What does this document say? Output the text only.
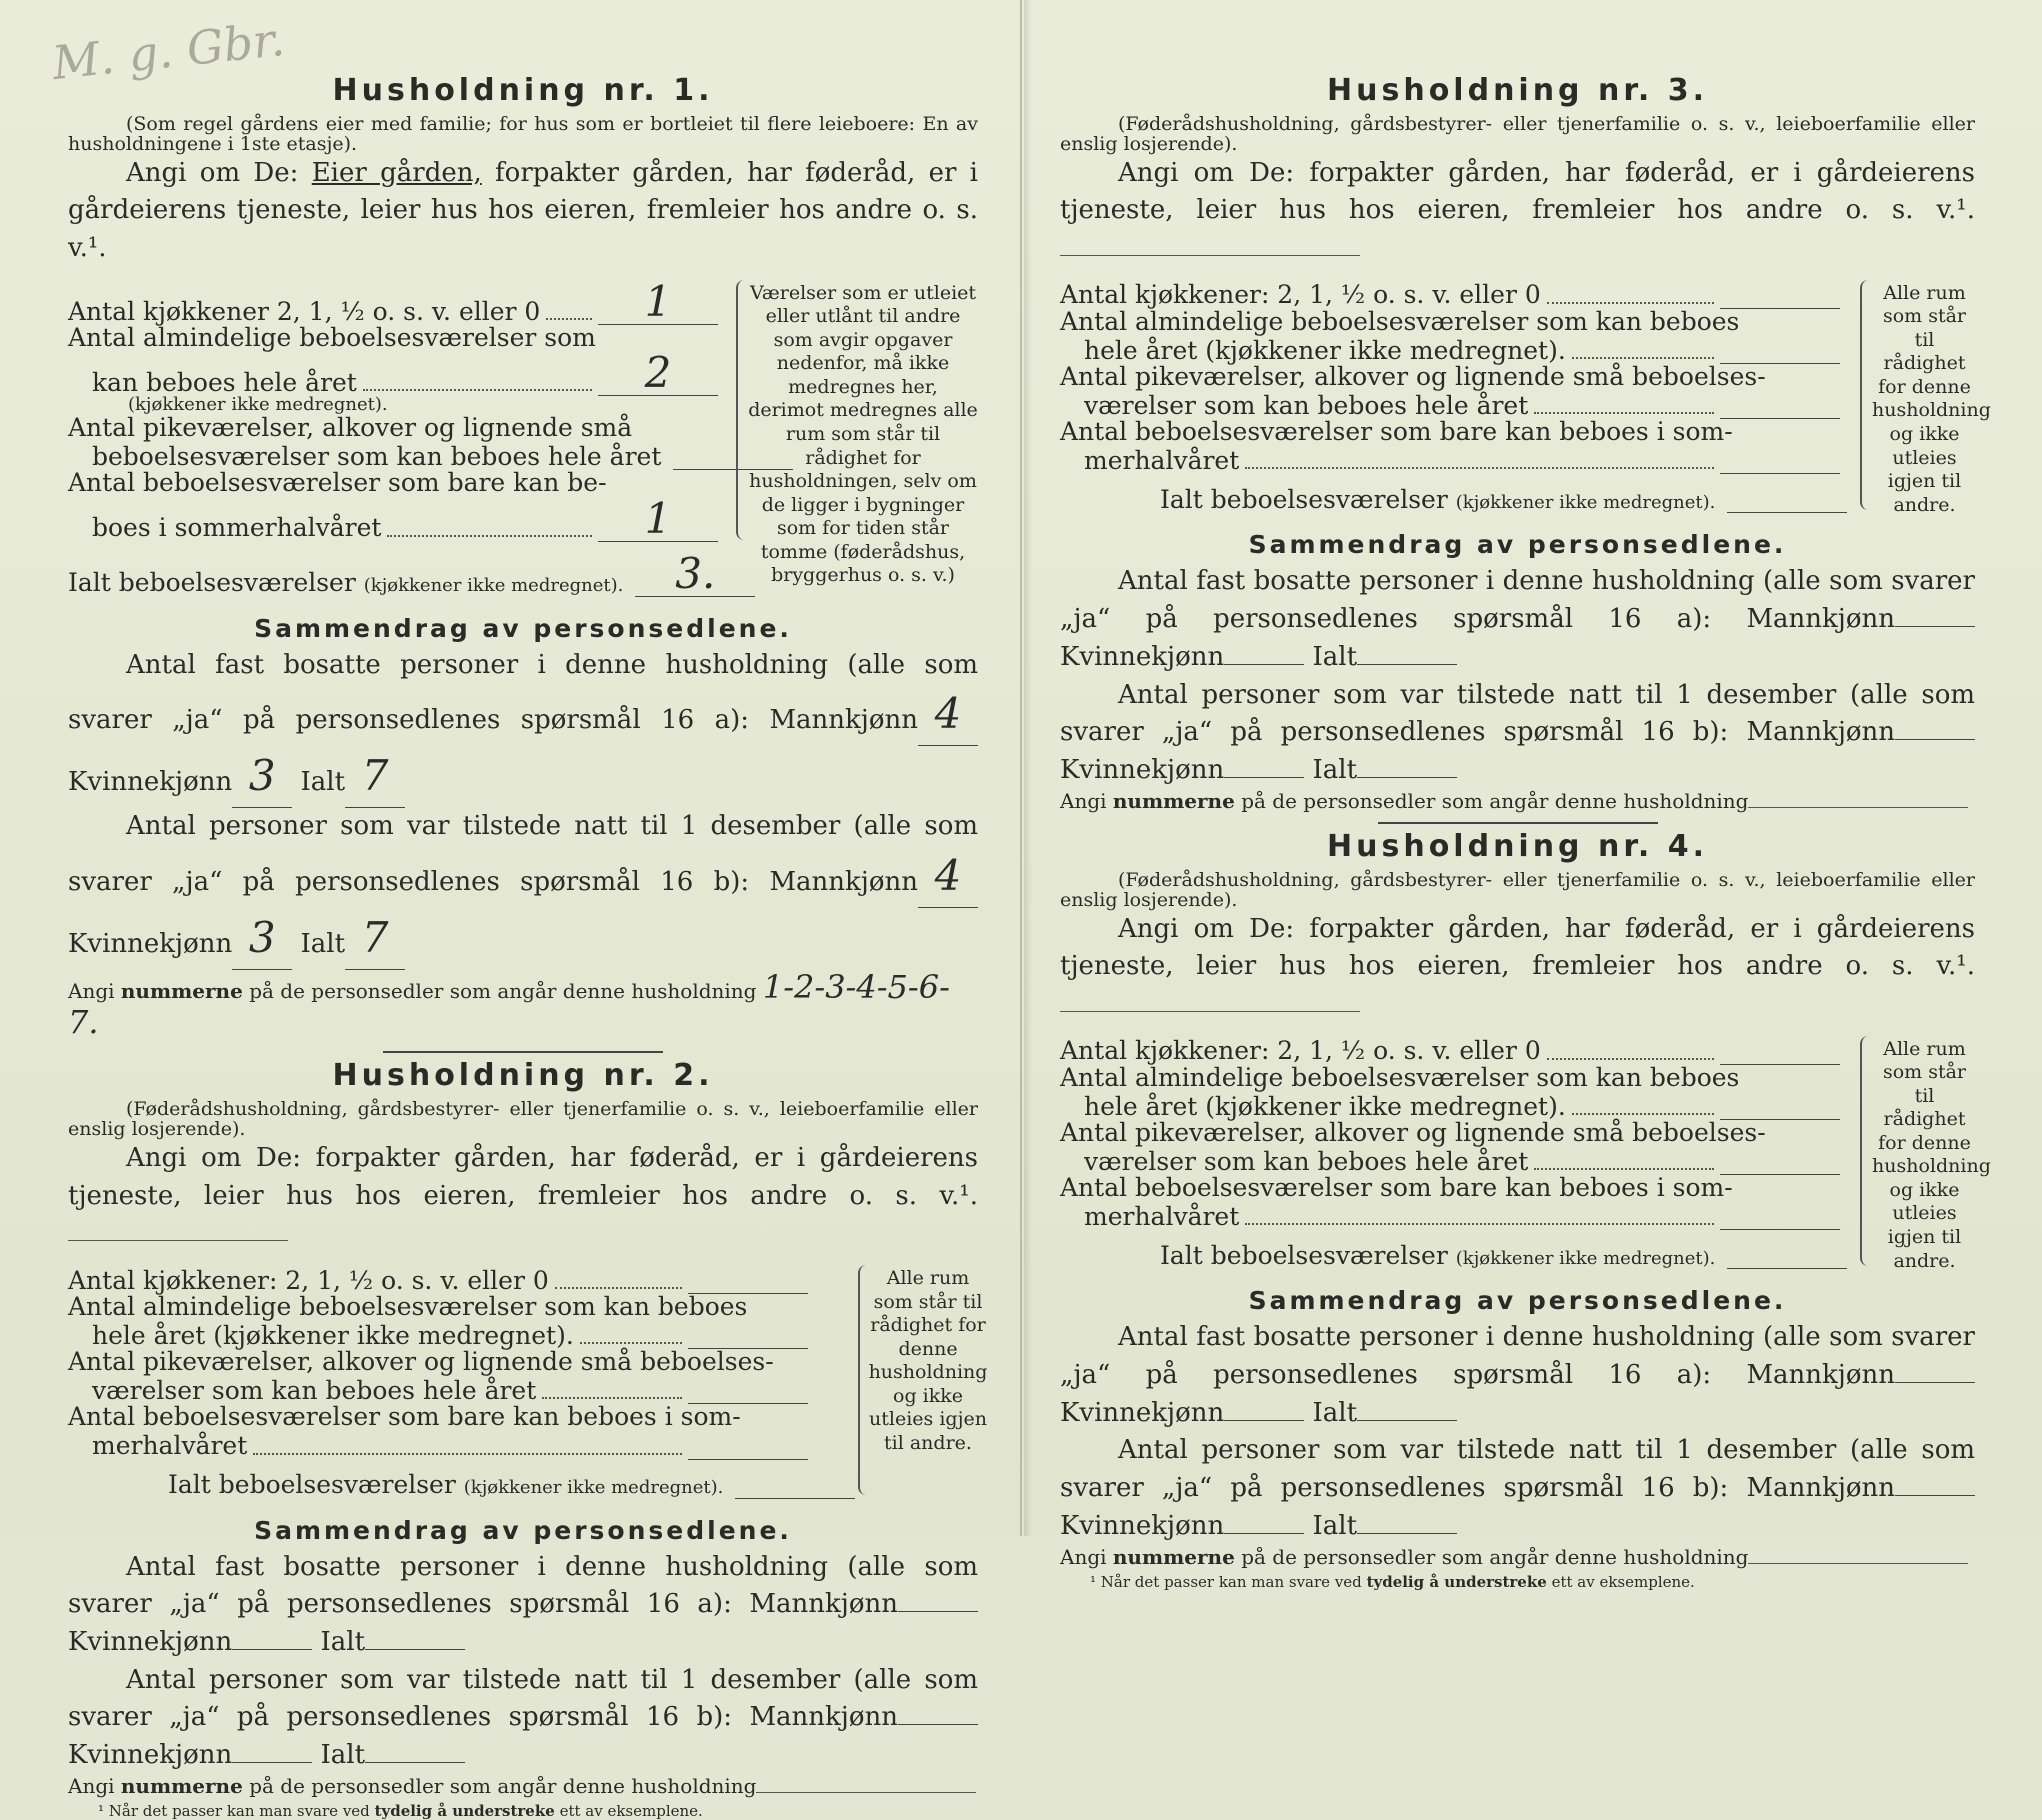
M. g. Gbr.
Husholdning nr. 1.
(Som regel gårdens eier med familie; for hus som er bortleiet til flere leieboere: En av husholdningene i 1ste etasje).
Angi om De: Eier gården, forpakter gården, har føderåd, er i gårdeierens tjeneste, leier hus hos eieren, fremleier hos andre o. s. v.¹.
Antal kjøkkener 2, 1, ½ o. s. v. eller 0	1
Antal almindelige beboelsesværelser som
kan beboes hele året	2
(kjøkkener ikke medregnet).
Antal pikeværelser, alkover og lignende små
beboelsesværelser som kan beboes hele året
Antal beboelsesværelser som bare kan be-
boes i sommerhalvåret	1
Ialt beboelsesværelser (kjøkkener ikke medregnet).	3.
Værelser som er utleiet eller utlånt til andre som avgir opgaver nedenfor, må ikke medregnes her, derimot medregnes alle rum som står til rådighet for husholdningen, selv om de ligger i bygninger som for tiden står tomme (føderådshus, bryggerhus o. s. v.)
Sammendrag av personsedlene.
Antal fast bosatte personer i denne husholdning (alle som svarer „ja“ på personsedlenes spørsmål 16 a): Mannkjønn 4 Kvinnekjønn 3 Ialt 7
Antal personer som var tilstede natt til 1 desember (alle som svarer „ja“ på personsedlenes spørsmål 16 b): Mannkjønn 4 Kvinnekjønn 3 Ialt 7
Angi nummerne på de personsedler som angår denne husholdning 1-2-3-4-5-6-7.
Husholdning nr. 2.
(Føderådshusholdning, gårdsbestyrer- eller tjenerfamilie o. s. v., leieboerfamilie eller enslig losjerende).
Angi om De: forpakter gården, har føderåd, er i gårdeierens tjeneste, leier hus hos eieren, fremleier hos andre o. s. v.¹.
Antal kjøkkener: 2, 1, ½ o. s. v. eller 0
Antal almindelige beboelsesværelser som kan beboes
hele året (kjøkkener ikke medregnet).
Antal pikeværelser, alkover og lignende små beboelses-
værelser som kan beboes hele året
Antal beboelsesværelser som bare kan beboes i som-
merhalvåret
Ialt beboelsesværelser (kjøkkener ikke medregnet).
Alle rum som står til rådighet for denne husholdning og ikke utleies igjen til andre.
Sammendrag av personsedlene.
Antal fast bosatte personer i denne husholdning (alle som svarer „ja“ på personsedlenes spørsmål 16 a): Mannkjønn Kvinnekjønn	Ialt
Antal personer som var tilstede natt til 1 desember (alle som svarer „ja“ på personsedlenes spørsmål 16 b): Mannkjønn Kvinnekjønn	Ialt
Angi nummerne på de personsedler som angår denne husholdning
¹ Når det passer kan man svare ved tydelig å understreke ett av eksemplene.
Husholdning nr. 3.
(Føderådshusholdning, gårdsbestyrer- eller tjenerfamilie o. s. v., leieboerfamilie eller enslig losjerende).
Angi om De: forpakter gården, har føderåd, er i gårdeierens tjeneste, leier hus hos eieren, fremleier hos andre o. s. v.¹.
Antal kjøkkener: 2, 1, ½ o. s. v. eller 0
Antal almindelige beboelsesværelser som kan beboes
hele året (kjøkkener ikke medregnet).
Antal pikeværelser, alkover og lignende små beboelses-
værelser som kan beboes hele året
Antal beboelsesværelser som bare kan beboes i som-
merhalvåret
Ialt beboelsesværelser (kjøkkener ikke medregnet).
Alle rum som står til rådighet for denne husholdning og ikke utleies igjen til andre.
Sammendrag av personsedlene.
Antal fast bosatte personer i denne husholdning (alle som svarer „ja“ på personsedlenes spørsmål 16 a): Mannkjønn Kvinnekjønn	Ialt
Antal personer som var tilstede natt til 1 desember (alle som svarer „ja“ på personsedlenes spørsmål 16 b): Mannkjønn Kvinnekjønn	Ialt
Angi nummerne på de personsedler som angår denne husholdning
Husholdning nr. 4.
(Føderådshusholdning, gårdsbestyrer- eller tjenerfamilie o. s. v., leieboerfamilie eller enslig losjerende).
Angi om De: forpakter gården, har føderåd, er i gårdeierens tjeneste, leier hus hos eieren, fremleier hos andre o. s. v.¹.
Antal kjøkkener: 2, 1, ½ o. s. v. eller 0
Antal almindelige beboelsesværelser som kan beboes
hele året (kjøkkener ikke medregnet).
Antal pikeværelser, alkover og lignende små beboelses-
værelser som kan beboes hele året
Antal beboelsesværelser som bare kan beboes i som-
merhalvåret
Ialt beboelsesværelser (kjøkkener ikke medregnet).
Alle rum som står til rådighet for denne husholdning og ikke utleies igjen til andre.
Sammendrag av personsedlene.
Antal fast bosatte personer i denne husholdning (alle som svarer „ja“ på personsedlenes spørsmål 16 a): Mannkjønn Kvinnekjønn	Ialt
Antal personer som var tilstede natt til 1 desember (alle som svarer „ja“ på personsedlenes spørsmål 16 b): Mannkjønn Kvinnekjønn	Ialt
Angi nummerne på de personsedler som angår denne husholdning
¹ Når det passer kan man svare ved tydelig å understreke ett av eksemplene.
